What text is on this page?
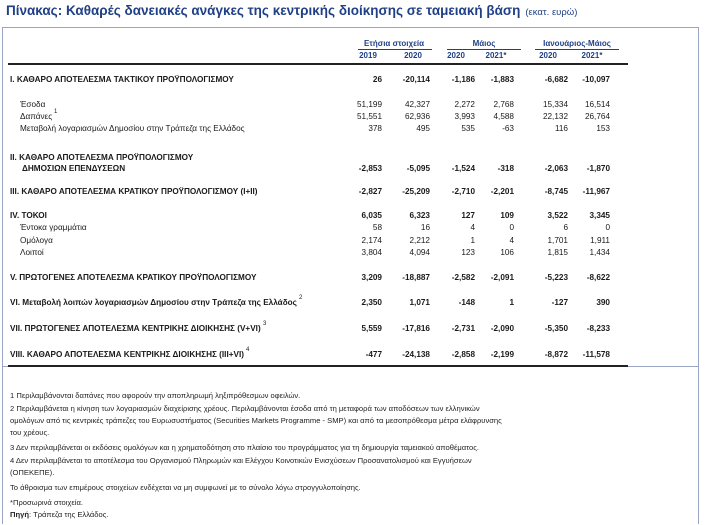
Πίνακας: Καθαρές δανειακές ανάγκες της κεντρικής διοίκησης σε ταμειακή βάση (εκατ. ευρώ)
Ετήσια στοιχεία	Μάιος	Ιανουάριος-Μάιος
2019	2020	2020	2021*	2020	2021*
I. ΚΑΘΑΡΟ ΑΠΟΤΕΛΕΣΜΑ ΤΑΚΤΙΚΟΥ ΠΡΟΫΠΟΛΟΓΙΣΜΟΥ	26	-20,114	-1,186	-1,883	-6,682	-10,097
Έσοδα	51,199	42,327	2,272	2,768	15,334	16,514
Δαπάνες 1	51,551	62,936	3,993	4,588	22,132	26,764
Μεταβολή λογαριασμών Δημοσίου στην Τράπεζα της Ελλάδος	378	495	535	-63	116	153
II. ΚΑΘΑΡΟ ΑΠΟΤΕΛΕΣΜΑ ΠΡΟΫΠΟΛΟΓΙΣΜΟΥ
ΔΗΜΟΣΙΩΝ ΕΠΕΝΔΥΣΕΩΝ	-2,853	-5,095	-1,524	-318	-2,063	-1,870
III. ΚΑΘΑΡΟ ΑΠΟΤΕΛΕΣΜΑ ΚΡΑΤΙΚΟΥ ΠΡΟΫΠΟΛΟΓΙΣΜΟΥ (I+II)	-2,827	-25,209	-2,710	-2,201	-8,745	-11,967
IV. ΤΟΚΟΙ	6,035	6,323	127	109	3,522	3,345
Έντοκα γραμμάτια	58	16	4	0	6	0
Ομόλογα	2,174	2,212	1	4	1,701	1,911
Λοιποί	3,804	4,094	123	106	1,815	1,434
V. ΠΡΩΤΟΓΕΝΕΣ ΑΠΟΤΕΛΕΣΜΑ ΚΡΑΤΙΚΟΥ ΠΡΟΫΠΟΛΟΓΙΣΜΟΥ	3,209	-18,887	-2,582	-2,091	-5,223	-8,622
VI. Μεταβολή λοιπών λογαριασμών Δημοσίου στην Τράπεζα της Ελλάδος 2	2,350	1,071	-148	1	-127	390
VII. ΠΡΩΤΟΓΕΝΕΣ ΑΠΟΤΕΛΕΣΜΑ ΚΕΝΤΡΙΚΗΣ ΔΙΟΙΚΗΣΗΣ (V+VI) 3	5,559	-17,816	-2,731	-2,090	-5,350	-8,233
VIII. ΚΑΘΑΡΟ ΑΠΟΤΕΛΕΣΜΑ ΚΕΝΤΡΙΚΗΣ ΔΙΟΙΚΗΣΗΣ (III+VI) 4	-477	-24,138	-2,858	-2,199	-8,872	-11,578
1 Περιλαμβάνονται δαπάνες που αφορούν την αποπληρωμή ληξιπρόθεσμων οφειλών.
2 Περιλαμβάνεται η κίνηση των λογαριασμών διαχείρισης χρέους. Περιλαμβάνονται έσοδα από τη μεταφορά των αποδόσεων των ελληνικών
ομολόγων από τις κεντρικές τράπεζες του Ευρωσυστήματος (Securities Markets Programme - SMP) και από τα μεσοπρόθεσμα μέτρα ελάφρυνσης
του χρέους.
3 Δεν περιλαμβάνεται οι εκδόσεις ομολόγων και η χρηματοδότηση στο πλαίσιο του προγράμματος για τη δημιουργία ταμειακού αποθέματος.
4 Δεν περιλαμβάνεται το αποτέλεσμα του Οργανισμού Πληρωμών και Ελέγχου Κοινοτικών Ενισχύσεων Προσανατολισμού και Εγγυήσεων
(ΟΠΕΚΕΠΕ).
Το άθροισμα των επιμέρους στοιχείων ενδέχεται να μη συμφωνεί με το σύνολο λόγω στρογγυλοποίησης.
*Προσωρινά στοιχεία.
Πηγή: Τράπεζα της Ελλάδος.
